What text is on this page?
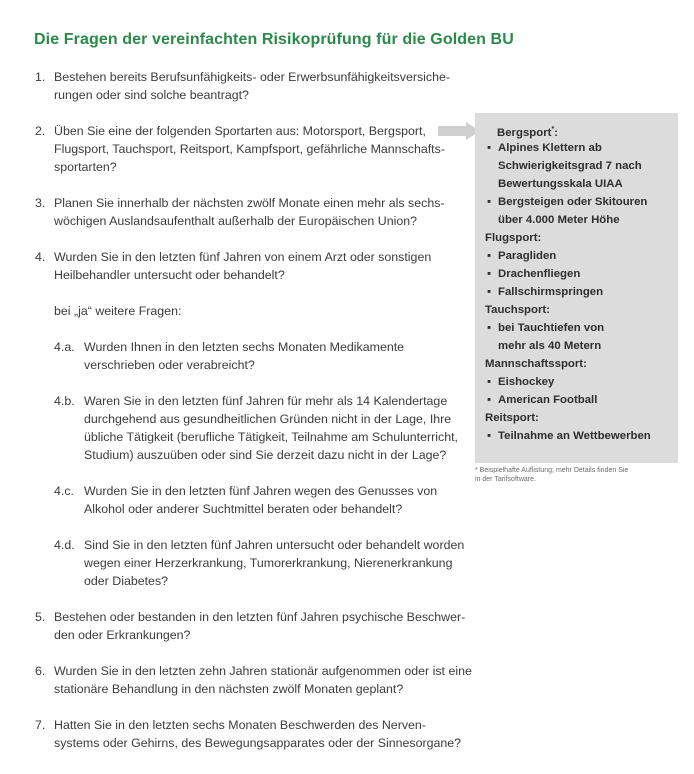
Die Fragen der vereinfachten Risikoprüfung für die Golden BU
1. Bestehen bereits Berufsunfähigkeits- oder Erwerbsunfähigkeitsversiche-
rungen oder sind solche beantragt?
2. Üben Sie eine der folgenden Sportarten aus: Motorsport, Bergsport,
Flugsport, Tauchsport, Reitsport, Kampfsport, gefährliche Mannschafts-
sportarten?
3. Planen Sie innerhalb der nächsten zwölf Monate einen mehr als sechs-
wöchigen Auslandsaufenthalt außerhalb der Europäischen Union?
4. Wurden Sie in den letzten fünf Jahren von einem Arzt oder sonstigen
Heilbehandler untersucht oder behandelt?
bei „ja“ weitere Fragen:
4.a. Wurden Ihnen in den letzten sechs Monaten Medikamente
verschrieben oder verabreicht?
4.b. Waren Sie in den letzten fünf Jahren für mehr als 14 Kalendertage
durchgehend aus gesundheitlichen Gründen nicht in der Lage, Ihre
übliche Tätigkeit (berufliche Tätigkeit, Teilnahme am Schulunterricht,
Studium) auszuüben oder sind Sie derzeit dazu nicht in der Lage?
4.c. Wurden Sie in den letzten fünf Jahren wegen des Genusses von
Alkohol oder anderer Suchtmittel beraten oder behandelt?
4.d. Sind Sie in den letzten fünf Jahren untersucht oder behandelt worden
wegen einer Herzerkrankung, Tumorerkrankung, Nierenerkrankung
oder Diabetes?
5. Bestehen oder bestanden in den letzten fünf Jahren psychische Beschwer-
den oder Erkrankungen?
6. Wurden Sie in den letzten zehn Jahren stationär aufgenommen oder ist eine
stationäre Behandlung in den nächsten zwölf Monaten geplant?
7. Hatten Sie in den letzten sechs Monaten Beschwerden des Nerven-
systems oder Gehirns, des Bewegungsapparates oder der Sinnesorgane?
Bergsport*:
▪ Alpines Klettern ab
Schwierigkeitsgrad 7 nach
Bewertungsskala UIAA
▪ Bergsteigen oder Skitouren
über 4.000 Meter Höhe
Flugsport:
▪ Paragliden
▪ Drachenfliegen
▪ Fallschirmspringen
Tauchsport:
▪ bei Tauchtiefen von
mehr als 40 Metern
Mannschaftssport:
▪ Eishockey
▪ American Football
Reitsport:
▪ Teilnahme an Wettbewerben
* Beispielhafte Auflistung; mehr Details finden Sie
in der Tarifsoftware.
